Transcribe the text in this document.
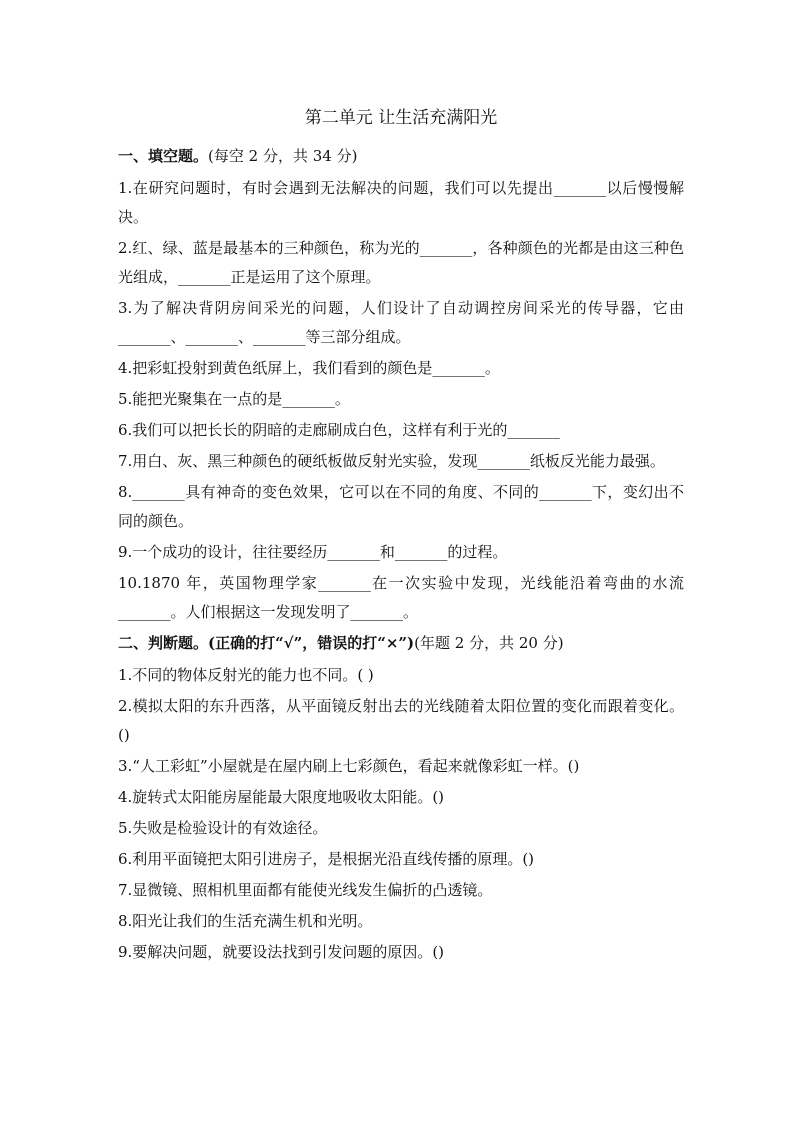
第二单元 让生活充满阳光
一、填空题。(每空 2 分，共 34 分)
1.在研究问题时，有时会遇到无法解决的问题，我们可以先提出_______以后慢慢解决。
2.红、绿、蓝是最基本的三种颜色，称为光的_______，各种颜色的光都是由这三种色光组成，_______正是运用了这个原理。
3.为了解决背阴房间采光的问题，人们设计了自动调控房间采光的传导器，它由_______、_______、_______等三部分组成。
4.把彩虹投射到黄色纸屏上，我们看到的颜色是_______。
5.能把光聚集在一点的是_______。
6.我们可以把长长的阴暗的走廊刷成白色，这样有利于光的_______
7.用白、灰、黑三种颜色的硬纸板做反射光实验，发现_______纸板反光能力最强。
8._______具有神奇的变色效果，它可以在不同的角度、不同的_______下，变幻出不同的颜色。
9.一个成功的设计，往往要经历_______和_______的过程。
10.1870 年，英国物理学家_______在一次实验中发现，光线能沿着弯曲的水流_______。人们根据这一发现发明了_______。
二、判断题。(正确的打“√”，错误的打“×”)(年题 2 分，共 20 分)
1.不同的物体反射光的能力也不同。( )
2.模拟太阳的东升西落，从平面镜反射出去的光线随着太阳位置的变化而跟着变化。()
3.“人工彩虹”小屋就是在屋内刷上七彩颜色，看起来就像彩虹一样。()
4.旋转式太阳能房屋能最大限度地吸收太阳能。()
5.失败是检验设计的有效途径。
6.利用平面镜把太阳引进房子，是根据光沿直线传播的原理。()
7.显微镜、照相机里面都有能使光线发生偏折的凸透镜。
8.阳光让我们的生活充满生机和光明。
9.要解决问题，就要设法找到引发问题的原因。()
